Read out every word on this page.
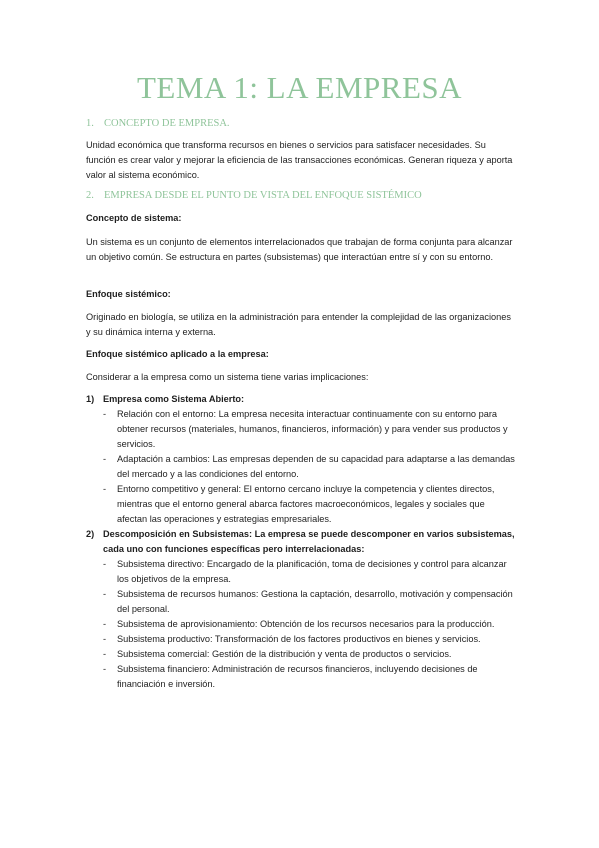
TEMA 1: LA EMPRESA
1. CONCEPTO DE EMPRESA.

Unidad económica que transforma recursos en bienes o servicios para satisfacer necesidades. Su función es crear valor y mejorar la eficiencia de las transacciones económicas. Generan riqueza y aporta valor al sistema económico.

2. EMPRESA DESDE EL PUNTO DE VISTA DEL ENFOQUE SISTÉMICO

Concepto de sistema:

Un sistema es un conjunto de elementos interrelacionados que trabajan de forma conjunta para alcanzar un objetivo común. Se estructura en partes (subsistemas) que interactúan entre sí y con su entorno.

Enfoque sistémico:

Originado en biología, se utiliza en la administración para entender la complejidad de las organizaciones y su dinámica interna y externa.

Enfoque sistémico aplicado a la empresa:

Considerar a la empresa como un sistema tiene varias implicaciones:

1) Empresa como Sistema Abierto:
- Relación con el entorno: La empresa necesita interactuar continuamente con su entorno para obtener recursos (materiales, humanos, financieros, información) y para vender sus productos y servicios.
- Adaptación a cambios: Las empresas dependen de su capacidad para adaptarse a las demandas del mercado y a las condiciones del entorno.
- Entorno competitivo y general: El entorno cercano incluye la competencia y clientes directos, mientras que el entorno general abarca factores macroeconómicos, legales y sociales que afectan las operaciones y estrategias empresariales.
2) Descomposición en Subsistemas: La empresa se puede descomponer en varios subsistemas, cada uno con funciones específicas pero interrelacionadas:
- Subsistema directivo: Encargado de la planificación, toma de decisiones y control para alcanzar los objetivos de la empresa.
- Subsistema de recursos humanos: Gestiona la captación, desarrollo, motivación y compensación del personal.
- Subsistema de aprovisionamiento: Obtención de los recursos necesarios para la producción.
- Subsistema productivo: Transformación de los factores productivos en bienes y servicios.
- Subsistema comercial: Gestión de la distribución y venta de productos o servicios.
- Subsistema financiero: Administración de recursos financieros, incluyendo decisiones de financiación e inversión.
